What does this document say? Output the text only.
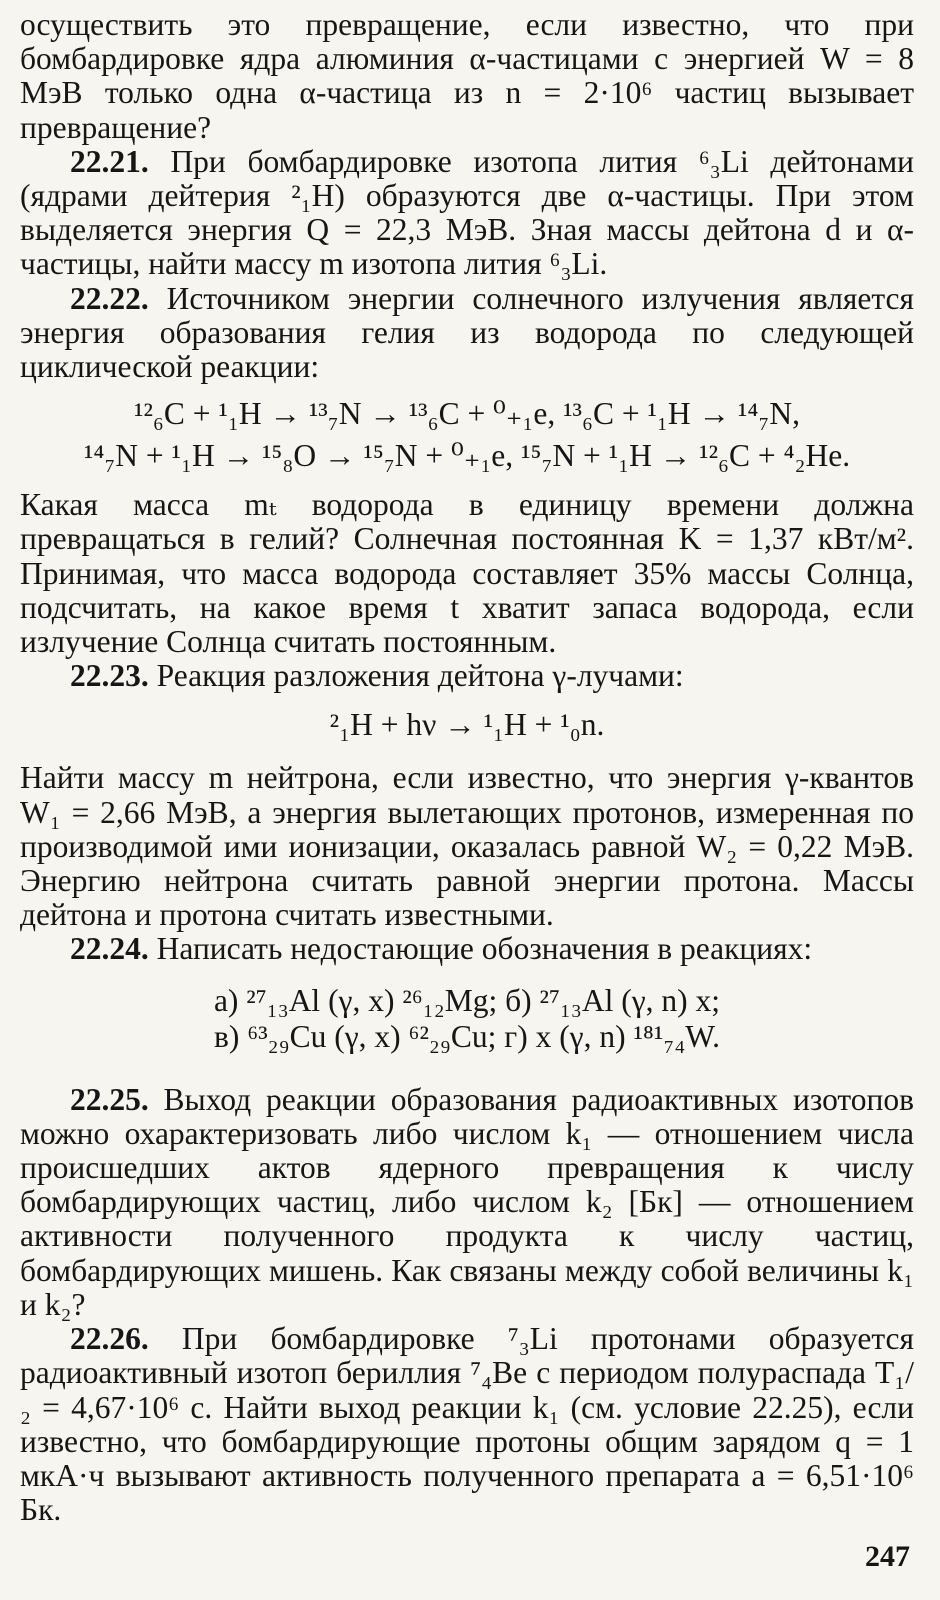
осуществить это превращение, если известно, что при бомбардировке ядра алюминия α-частицами с энергией W = 8 МэВ только одна α-частица из n = 2·10⁶ частиц вызывает превращение?

22.21. При бомбардировке изотопа лития ⁶₃Li дейтонами (ядрами дейтерия ²₁H) образуются две α-частицы. При этом выделяется энергия Q = 22,3 МэВ. Зная массы дейтона d и α-частицы, найти массу m изотопа лития ⁶₃Li.

22.22. Источником энергии солнечного излучения является энергия образования гелия из водорода по следующей циклической реакции:

¹²₆C + ¹₁H → ¹³₇N → ¹³₆C + ⁰₊₁e, ¹³₆C + ¹₁H → ¹⁴₇N,
¹⁴₇N + ¹₁H → ¹⁵₈O → ¹⁵₇N + ⁰₊₁e, ¹⁵₇N + ¹₁H → ¹²₆C + ⁴₂He.

Какая масса mₜ водорода в единицу времени должна превращаться в гелий? Солнечная постоянная K = 1,37 кВт/м². Принимая, что масса водорода составляет 35% массы Солнца, подсчитать, на какое время t хватит запаса водорода, если излучение Солнца считать постоянным.

22.23. Реакция разложения дейтона γ-лучами:

²₁H + hν → ¹₁H + ¹₀n.

Найти массу m нейтрона, если известно, что энергия γ-квантов W₁ = 2,66 МэВ, а энергия вылетающих протонов, измеренная по производимой ими ионизации, оказалась равной W₂ = 0,22 МэВ. Энергию нейтрона считать равной энергии протона. Массы дейтона и протона считать известными.

22.24. Написать недостающие обозначения в реакциях:

а) ²⁷₁₃Al (γ, x) ²⁶₁₂Mg; б) ²⁷₁₃Al (γ, n) x;
в) ⁶³₂₉Cu (γ, x) ⁶²₂₉Cu; г) x (γ, n) ¹⁸¹₇₄W.

22.25. Выход реакции образования радиоактивных изотопов можно охарактеризовать либо числом k₁ — отношением числа происшедших актов ядерного превращения к числу бомбардирующих частиц, либо числом k₂ [Бк] — отношением активности полученного продукта к числу частиц, бомбардирующих мишень. Как связаны между собой величины k₁ и k₂?

22.26. При бомбардировке ⁷₃Li протонами образуется радиоактивный изотоп бериллия ⁷₄Be с периодом полураспада T₁/₂ = 4,67·10⁶ с. Найти выход реакции k₁ (см. условие 22.25), если известно, что бомбардирующие протоны общим зарядом q = 1 мкА·ч вызывают активность полученного препарата a = 6,51·10⁶ Бк.

247
